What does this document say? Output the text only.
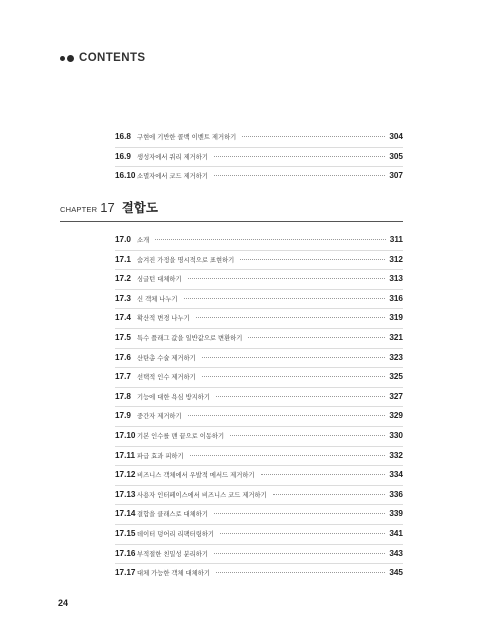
CONTENTS
16.8 구현에 기반한 콜백 이벤트 제거하기	304
16.9 생성자에서 쿼리 제거하기	305
16.10 소멸자에서 코드 제거하기	307
CHAPTER 17 결합도
17.0 소개	311
17.1 숨겨진 가정을 명시적으로 표현하기	312
17.2 싱글턴 대체하기	313
17.3 신 객체 나누기	316
17.4 확산적 변경 나누기	319
17.5 특수 플래그 값을 일반값으로 변환하기	321
17.6 산탄총 수술 제거하기	323
17.7 선택적 인수 제거하기	325
17.8 기능에 대한 욕심 방지하기	327
17.9 중간자 제거하기	329
17.10 기본 인수를 맨 끝으로 이동하기	330
17.11 파급 효과 피하기	332
17.12 비즈니스 객체에서 우발적 메서드 제거하기	334
17.13 사용자 인터페이스에서 비즈니스 코드 제거하기	336
17.14 결합을 클래스로 대체하기	339
17.15 데이터 덩어리 리팩터링하기	341
17.16 부적절한 친밀성 분리하기	343
17.17 대체 가능한 객체 대체하기	345
24
